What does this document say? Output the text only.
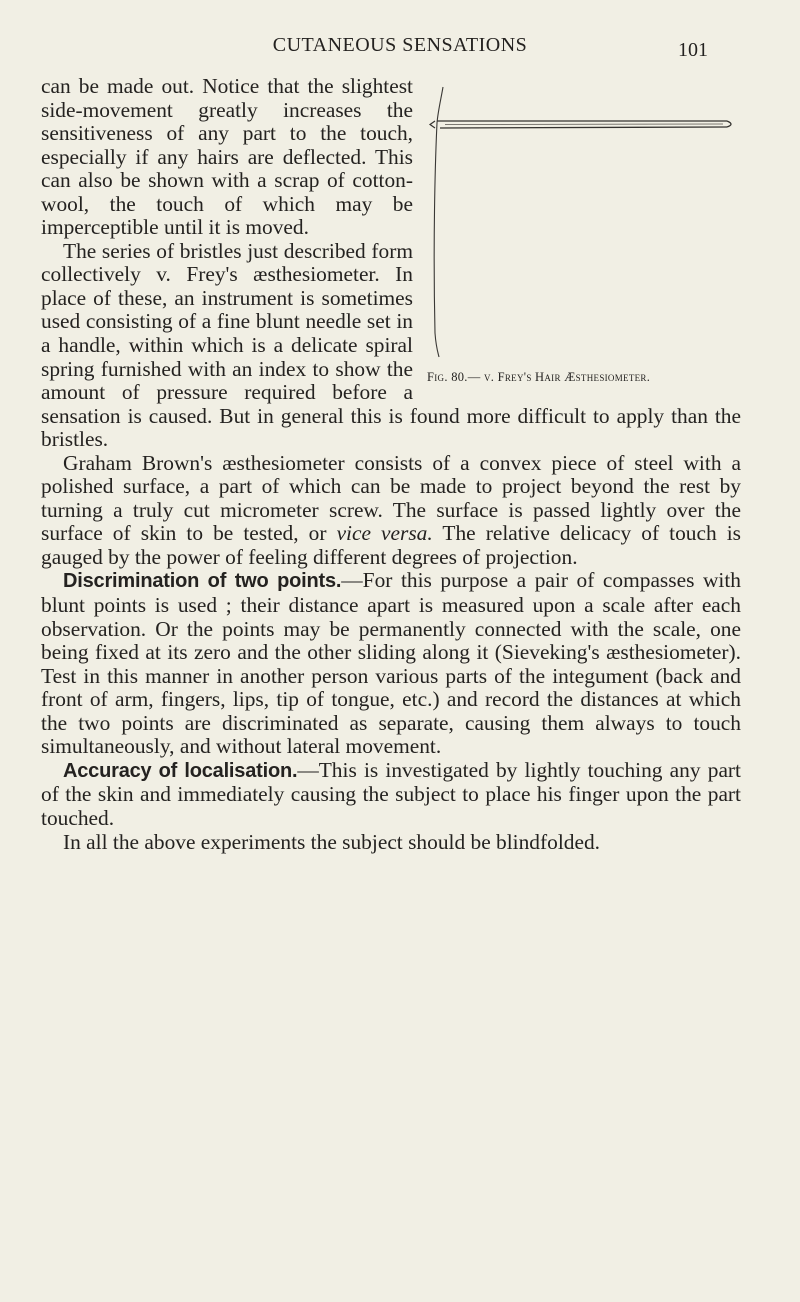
CUTANEOUS SENSATIONS	101
Fig. 80.— v. Frey's Hair Æsthesiometer.

can be made out. Notice that the slightest side-movement greatly increases the sensitiveness of any part to the touch, especially if any hairs are deflected. This can also be shown with a scrap of cotton-wool, the touch of which may be imperceptible until it is moved.

The series of bristles just described form collectively v. Frey's æsthesiometer. In place of these, an instrument is sometimes used consisting of a fine blunt needle set in a handle, within which is a delicate spiral spring furnished with an index to show the amount of pressure required before a sensation is caused. But in general this is found more difficult to apply than the bristles.

Graham Brown's æsthesiometer consists of a convex piece of steel with a polished surface, a part of which can be made to project beyond the rest by turning a truly cut micrometer screw. The surface is passed lightly over the surface of skin to be tested, or vice versa. The relative delicacy of touch is gauged by the power of feeling different degrees of projection.

Discrimination of two points.—For this purpose a pair of compasses with blunt points is used ; their distance apart is measured upon a scale after each observation. Or the points may be permanently connected with the scale, one being fixed at its zero and the other sliding along it (Sieveking's æsthesiometer). Test in this manner in another person various parts of the integument (back and front of arm, fingers, lips, tip of tongue, etc.) and record the distances at which the two points are discriminated as separate, causing them always to touch simultaneously, and without lateral movement.

Accuracy of localisation.—This is investigated by lightly touching any part of the skin and immediately causing the subject to place his finger upon the part touched.

In all the above experiments the subject should be blindfolded.
